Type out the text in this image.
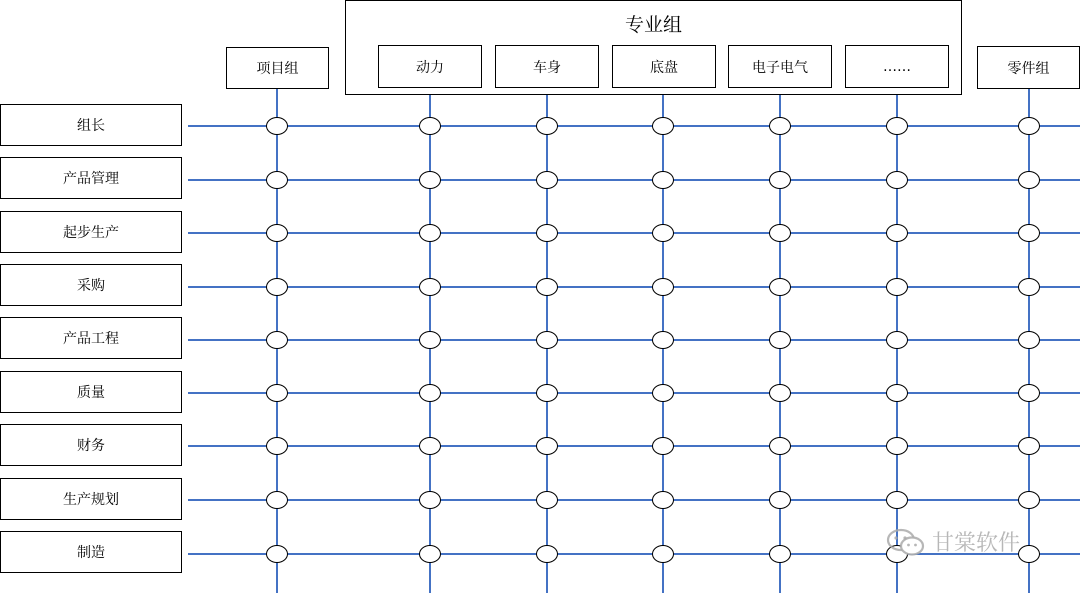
专业组
项目组	动力	车身	底盘	电子电气	……	零件组
组长
产品管理
起步生产
采购
产品工程
质量
财务
生产规划
制造	甘棠软件
